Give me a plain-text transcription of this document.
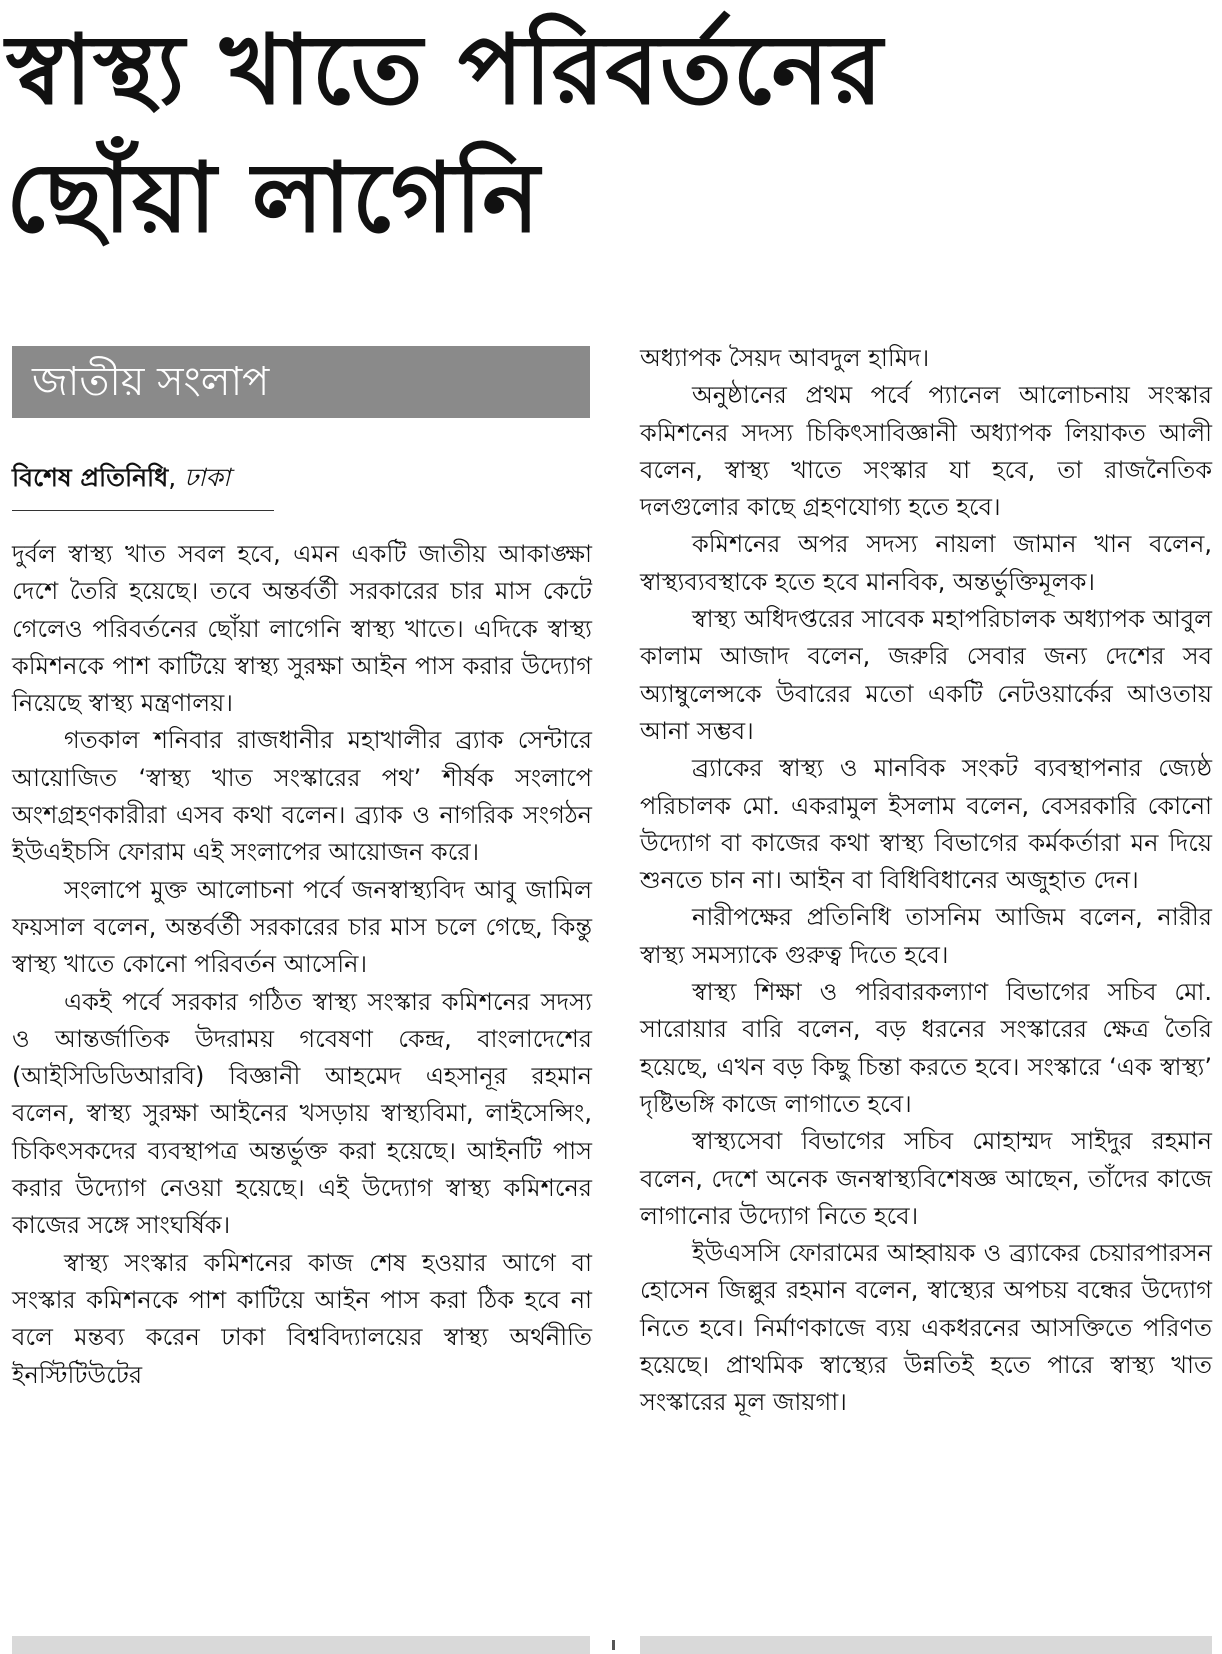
স্বাস্থ্য খাতে পরিবর্তনের
ছোঁয়া লাগেনি
জাতীয় সংলাপ
বিশেষ প্রতিনিধি, ঢাকা

দুর্বল স্বাস্থ্য খাত সবল হবে, এমন একটি জাতীয় আকাঙ্ক্ষা দেশে তৈরি হয়েছে। তবে অন্তর্বর্তী সরকারের চার মাস কেটে গেলেও পরিবর্তনের ছোঁয়া লাগেনি স্বাস্থ্য খাতে। এদিকে স্বাস্থ্য কমিশনকে পাশ কাটিয়ে স্বাস্থ্য সুরক্ষা আইন পাস করার উদ্যোগ নিয়েছে স্বাস্থ্য মন্ত্রণালয়।

গতকাল শনিবার রাজধানীর মহাখালীর ব্র্যাক সেন্টারে আয়োজিত ‘স্বাস্থ্য খাত সংস্কারের পথ’ শীর্ষক সংলাপে অংশগ্রহণকারীরা এসব কথা বলেন। ব্র্যাক ও নাগরিক সংগঠন ইউএইচসি ফোরাম এই সংলাপের আয়োজন করে।

সংলাপে মুক্ত আলোচনা পর্বে জনস্বাস্থ্যবিদ আবু জামিল ফয়সাল বলেন, অন্তর্বর্তী সরকারের চার মাস চলে গেছে, কিন্তু স্বাস্থ্য খাতে কোনো পরিবর্তন আসেনি।

একই পর্বে সরকার গঠিত স্বাস্থ্য সংস্কার কমিশনের সদস্য ও আন্তর্জাতিক উদরাময় গবেষণা কেন্দ্র, বাংলাদেশের (আইসিডিডিআরবি) বিজ্ঞানী আহমেদ এহসানূর রহমান বলেন, স্বাস্থ্য সুরক্ষা আইনের খসড়ায় স্বাস্থ্যবিমা, লাইসেন্সিং, চিকিৎসকদের ব্যবস্থাপত্র অন্তর্ভুক্ত করা হয়েছে। আইনটি পাস করার উদ্যোগ নেওয়া হয়েছে। এই উদ্যোগ স্বাস্থ্য কমিশনের কাজের সঙ্গে সাংঘর্ষিক।

স্বাস্থ্য সংস্কার কমিশনের কাজ শেষ হওয়ার আগে বা সংস্কার কমিশনকে পাশ কাটিয়ে আইন পাস করা ঠিক হবে না বলে মন্তব্য করেন ঢাকা বিশ্ববিদ্যালয়ের স্বাস্থ্য অর্থনীতি ইনস্টিটিউটের

অধ্যাপক সৈয়দ আবদুল হামিদ।

অনুষ্ঠানের প্রথম পর্বে প্যানেল আলোচনায় সংস্কার কমিশনের সদস্য চিকিৎসাবিজ্ঞানী অধ্যাপক লিয়াকত আলী বলেন, স্বাস্থ্য খাতে সংস্কার যা হবে, তা রাজনৈতিক দলগুলোর কাছে গ্রহণযোগ্য হতে হবে।

কমিশনের অপর সদস্য নায়লা জামান খান বলেন, স্বাস্থ্যব্যবস্থাকে হতে হবে মানবিক, অন্তর্ভুক্তিমূলক।

স্বাস্থ্য অধিদপ্তরের সাবেক মহাপরিচালক অধ্যাপক আবুল কালাম আজাদ বলেন, জরুরি সেবার জন্য দেশের সব অ্যাম্বুলেন্সকে উবারের মতো একটি নেটওয়ার্কের আওতায় আনা সম্ভব।

ব্র্যাকের স্বাস্থ্য ও মানবিক সংকট ব্যবস্থাপনার জ্যেষ্ঠ পরিচালক মো. একরামুল ইসলাম বলেন, বেসরকারি কোনো উদ্যোগ বা কাজের কথা স্বাস্থ্য বিভাগের কর্মকর্তারা মন দিয়ে শুনতে চান না। আইন বা বিধিবিধানের অজুহাত দেন।

নারীপক্ষের প্রতিনিধি তাসনিম আজিম বলেন, নারীর স্বাস্থ্য সমস্যাকে গুরুত্ব দিতে হবে।

স্বাস্থ্য শিক্ষা ও পরিবারকল্যাণ বিভাগের সচিব মো. সারোয়ার বারি বলেন, বড় ধরনের সংস্কারের ক্ষেত্র তৈরি হয়েছে, এখন বড় কিছু চিন্তা করতে হবে। সংস্কারে ‘এক স্বাস্থ্য’ দৃষ্টিভঙ্গি কাজে লাগাতে হবে।

স্বাস্থ্যসেবা বিভাগের সচিব মোহাম্মদ সাইদুর রহমান বলেন, দেশে অনেক জনস্বাস্থ্যবিশেষজ্ঞ আছেন, তাঁদের কাজে লাগানোর উদ্যোগ নিতে হবে।

ইউএসসি ফোরামের আহ্বায়ক ও ব্র্যাকের চেয়ারপারসন হোসেন জিল্লুর রহমান বলেন, স্বাস্থ্যের অপচয় বন্ধের উদ্যোগ নিতে হবে। নির্মাণকাজে ব্যয় একধরনের আসক্তিতে পরিণত হয়েছে। প্রাথমিক স্বাস্থ্যের উন্নতিই হতে পারে স্বাস্থ্য খাত সংস্কারের মূল জায়গা।
